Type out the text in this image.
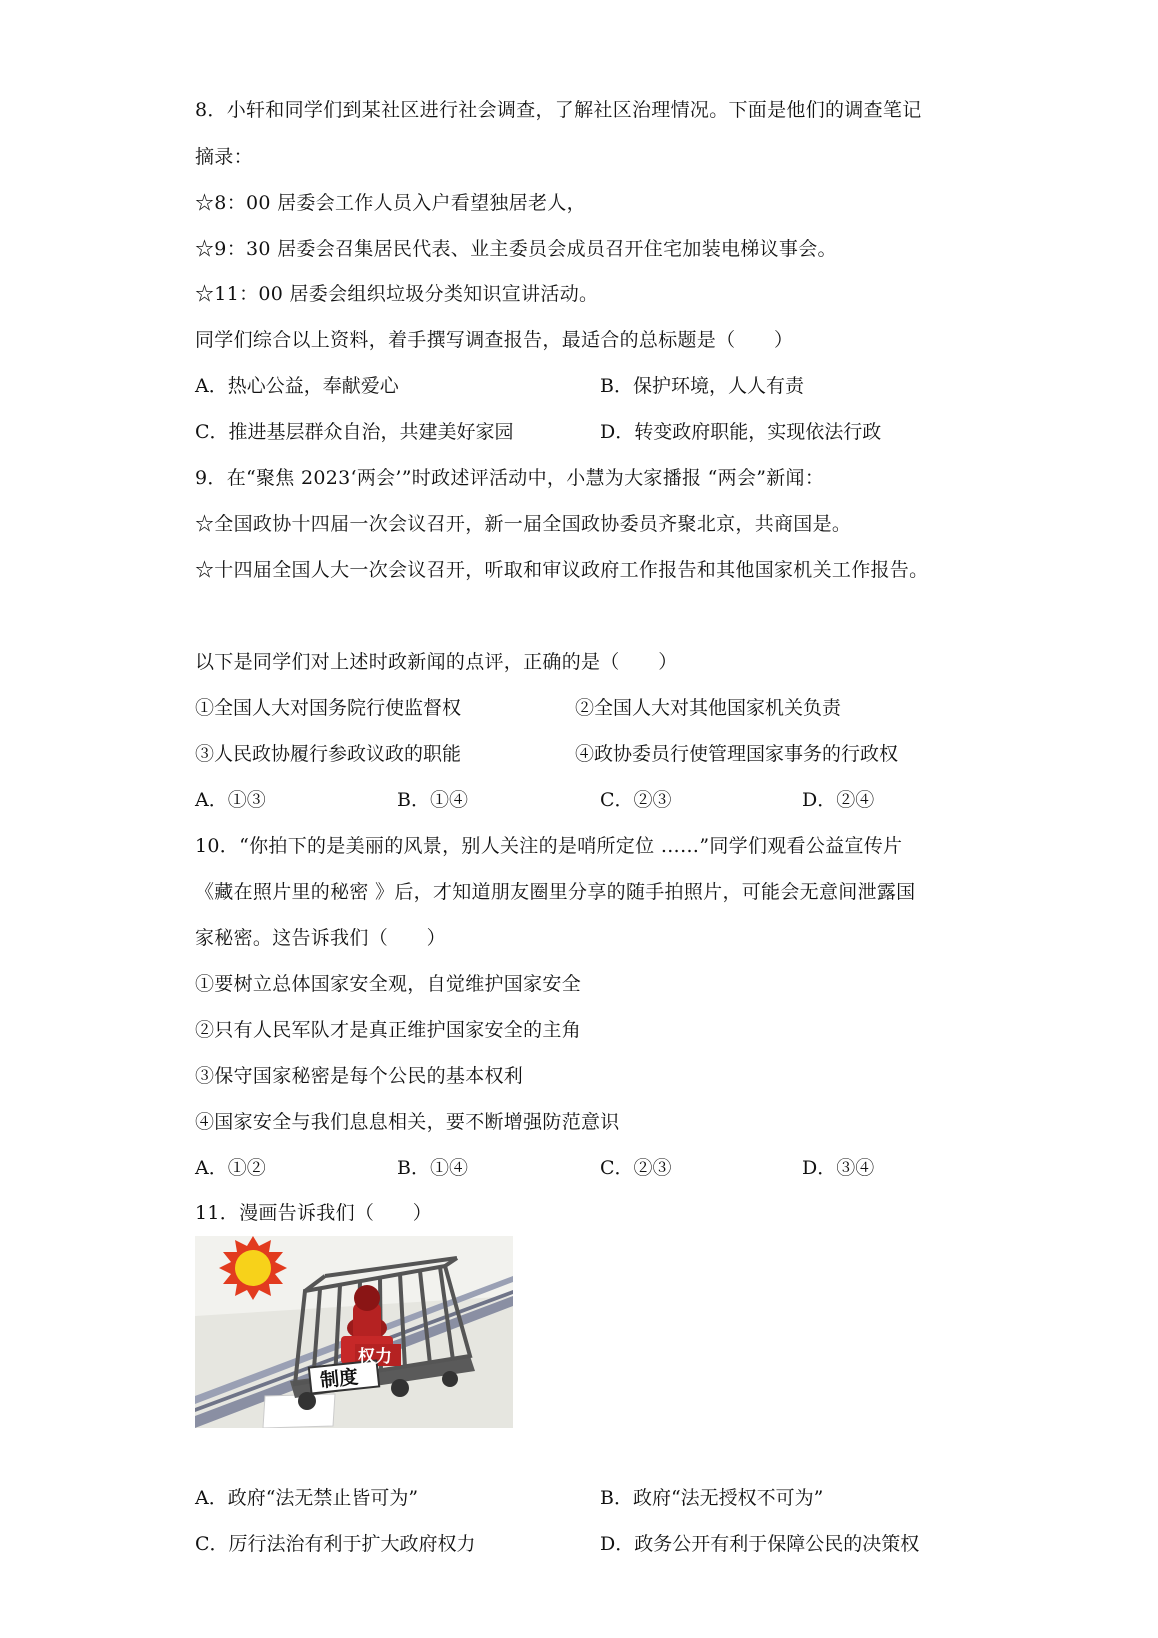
8．小轩和同学们到某社区进行社会调查，了解社区治理情况。下面是他们的调查笔记
摘录：
☆8：00 居委会工作人员入户看望独居老人，
☆9：30 居委会召集居民代表、业主委员会成员召开住宅加装电梯议事会。
☆11：00 居委会组织垃圾分类知识宣讲活动。
同学们综合以上资料，着手撰写调查报告，最适合的总标题是（　　）
A．热心公益，奉献爱心	B．保护环境，人人有责
C．推进基层群众自治，共建美好家园	D．转变政府职能，实现依法行政
9．在“聚焦 2023‘两会’”时政述评活动中，小慧为大家播报 “两会”新闻：
☆全国政协十四届一次会议召开，新一届全国政协委员齐聚北京，共商国是。
☆十四届全国人大一次会议召开，听取和审议政府工作报告和其他国家机关工作报告。
以下是同学们对上述时政新闻的点评，正确的是（　　）
①全国人大对国务院行使监督权	②全国人大对其他国家机关负责
③人民政协履行参政议政的职能	④政协委员行使管理国家事务的行政权
A．①③	B．①④	C．②③	D．②④
10．“你拍下的是美丽的风景，别人关注的是哨所定位 ……”同学们观看公益宣传片
《藏在照片里的秘密 》后，才知道朋友圈里分享的随手拍照片，可能会无意间泄露国
家秘密。这告诉我们（　　）
①要树立总体国家安全观，自觉维护国家安全
②只有人民军队才是真正维护国家安全的主角
③保守国家秘密是每个公民的基本权利
④国家安全与我们息息相关，要不断增强防范意识
A．①②	B．①④	C．②③	D．③④
11．漫画告诉我们（　　）
权力
制度
A．政府“法无禁止皆可为”	B．政府“法无授权不可为”
C．厉行法治有利于扩大政府权力	D．政务公开有利于保障公民的决策权
